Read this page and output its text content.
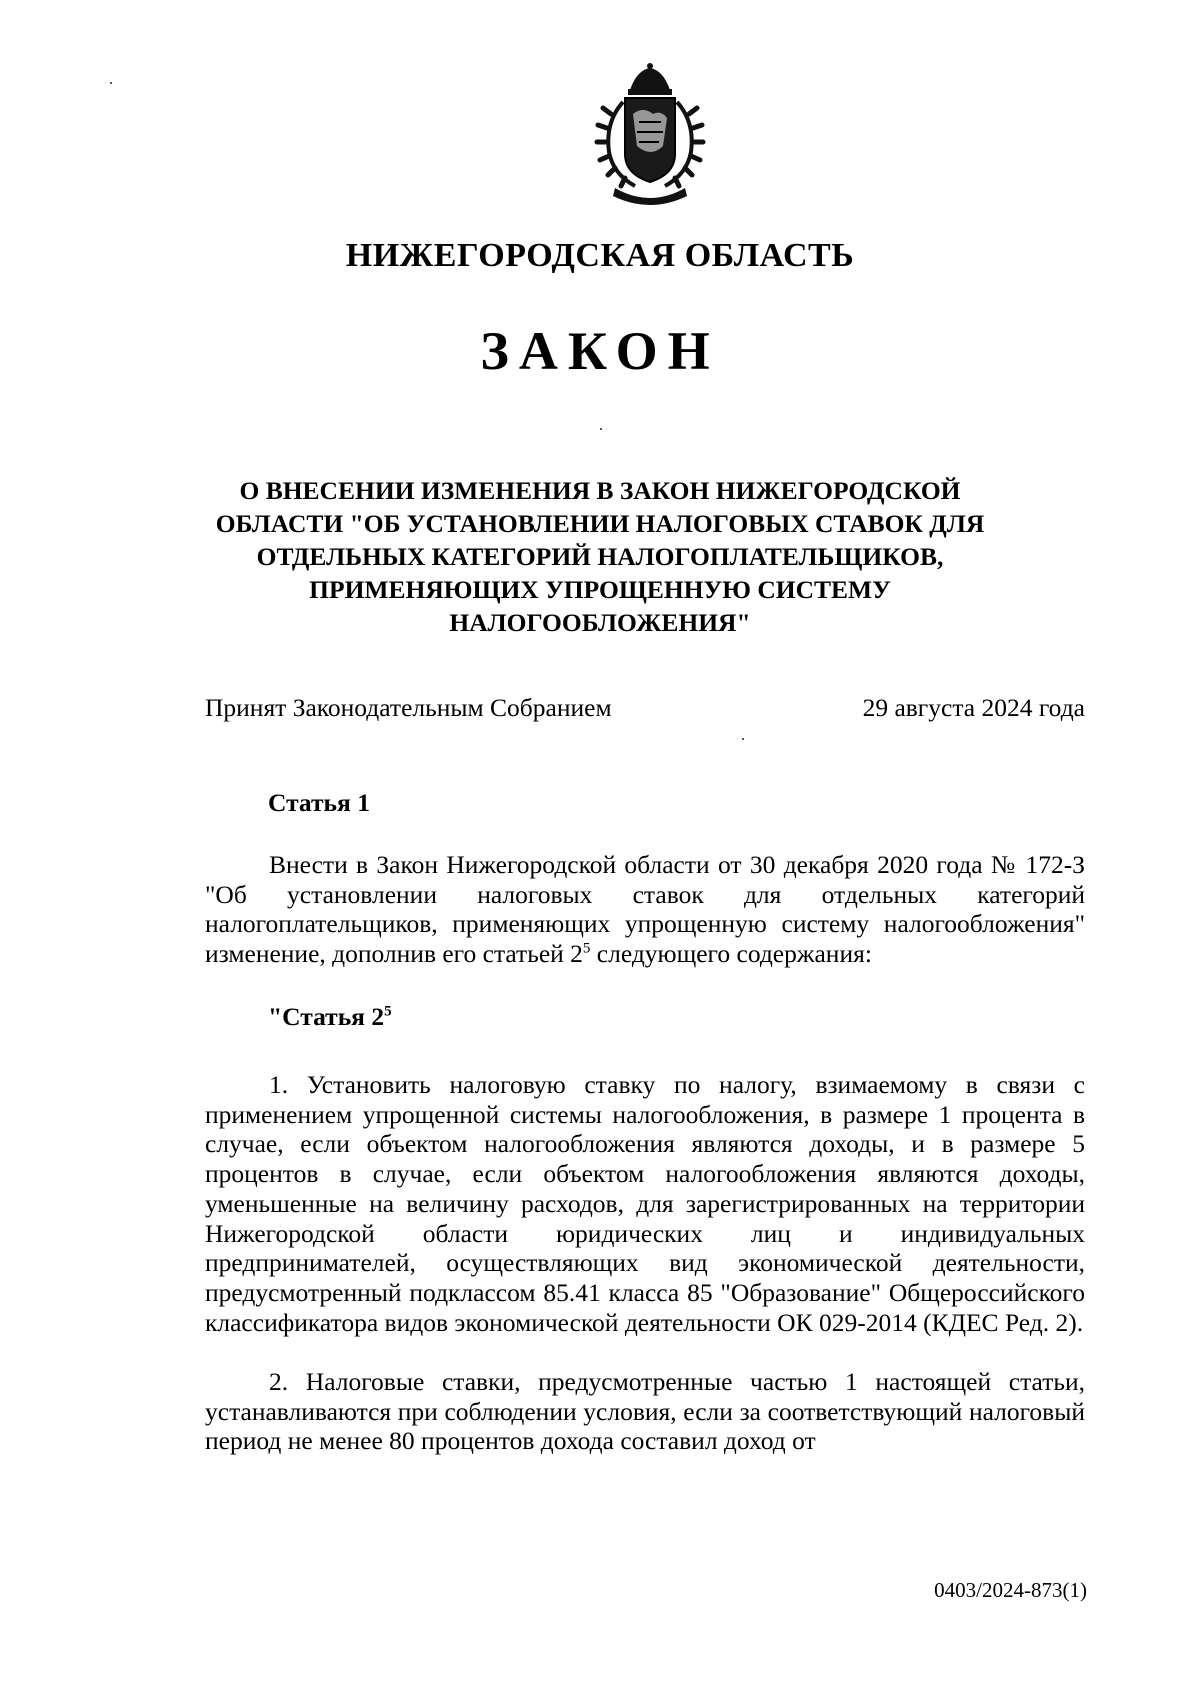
НИЖЕГОРОДСКАЯ ОБЛАСТЬ
ЗАКОН
О ВНЕСЕНИИ ИЗМЕНЕНИЯ В ЗАКОН НИЖЕГОРОДСКОЙ ОБЛАСТИ "ОБ УСТАНОВЛЕНИИ НАЛОГОВЫХ СТАВОК ДЛЯ ОТДЕЛЬНЫХ КАТЕГОРИЙ НАЛОГОПЛАТЕЛЬЩИКОВ, ПРИМЕНЯЮЩИХ УПРОЩЕННУЮ СИСТЕМУ НАЛОГООБЛОЖЕНИЯ"
Принят Законодательным Собранием	29 августа 2024 года
Статья 1

Внести в Закон Нижегородской области от 30 декабря 2020 года № 172-З "Об установлении налоговых ставок для отдельных категорий налогоплательщиков, применяющих упрощенную систему налогообложения" изменение, дополнив его статьей $2^5$ следующего содержания:

"Статья $2^5$

1. Установить налоговую ставку по налогу, взимаемому в связи с применением упрощенной системы налогообложения, в размере 1 процента в случае, если объектом налогообложения являются доходы, и в размере 5 процентов в случае, если объектом налогообложения являются доходы, уменьшенные на величину расходов, для зарегистрированных на территории Нижегородской области юридических лиц и индивидуальных предпринимателей, осуществляющих вид экономической деятельности, предусмотренный подклассом 85.41 класса 85 "Образование" Общероссийского классификатора видов экономической деятельности ОК 029-2014 (КДЕС Ред. 2).

2. Налоговые ставки, предусмотренные частью 1 настоящей статьи, устанавливаются при соблюдении условия, если за соответствующий налоговый период не менее 80 процентов дохода составил доход от

0403/2024-873(1)
